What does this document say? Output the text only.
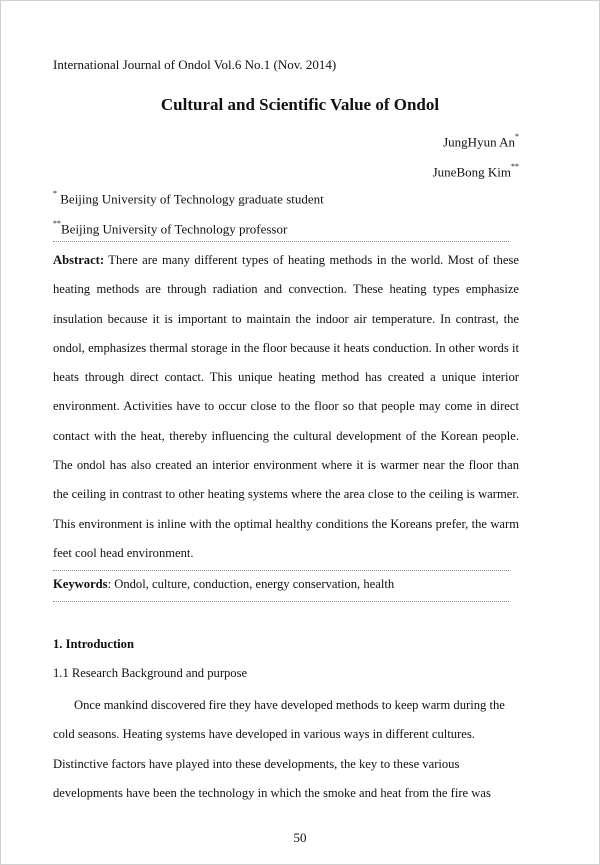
International Journal of Ondol Vol.6 No.1 (Nov. 2014)
Cultural and Scientific Value of Ondol
JungHyun An*
JuneBong Kim**
* Beijing University of Technology graduate student
**Beijing University of Technology professor
Abstract: There are many different types of heating methods in the world. Most of these heating methods are through radiation and convection. These heating types emphasize insulation because it is important to maintain the indoor air temperature. In contrast, the ondol, emphasizes thermal storage in the floor because it heats conduction. In other words it heats through direct contact. This unique heating method has created a unique interior environment. Activities have to occur close to the floor so that people may come in direct contact with the heat, thereby influencing the cultural development of the Korean people. The ondol has also created an interior environment where it is warmer near the floor than the ceiling in contrast to other heating systems where the area close to the ceiling is warmer. This environment is inline with the optimal healthy conditions the Koreans prefer, the warm feet cool head environment.
Keywords: Ondol, culture, conduction, energy conservation, health
1. Introduction
1.1 Research Background and purpose
Once mankind discovered fire they have developed methods to keep warm during the
cold seasons. Heating systems have developed in various ways in different cultures.
Distinctive factors have played into these developments, the key to these various
developments have been the technology in which the smoke and heat from the fire was
50
